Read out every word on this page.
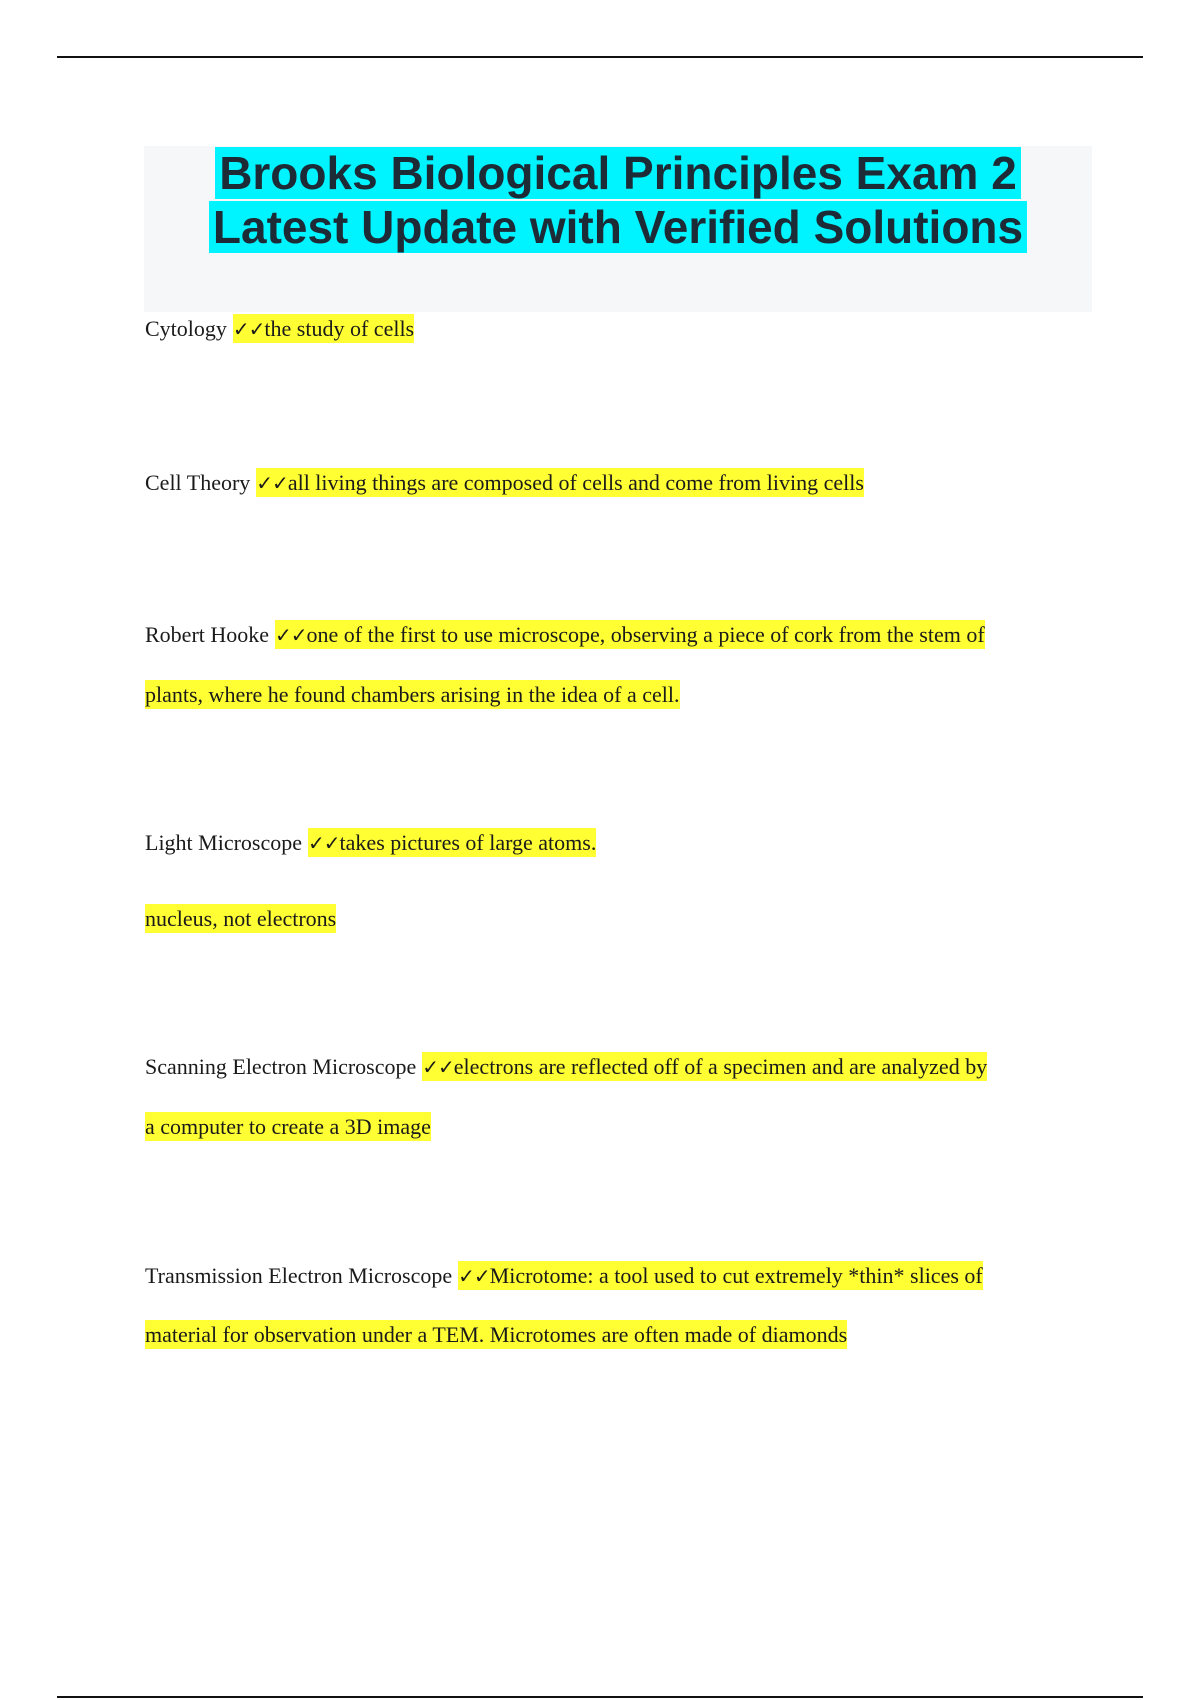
Brooks Biological Principles Exam 2
Latest Update with Verified Solutions
Cytology ✓✓the study of cells
Cell Theory ✓✓all living things are composed of cells and come from living cells
Robert Hooke ✓✓one of the first to use microscope, observing a piece of cork from the stem of
plants, where he found chambers arising in the idea of a cell.
Light Microscope ✓✓takes pictures of large atoms.
nucleus, not electrons
Scanning Electron Microscope ✓✓electrons are reflected off of a specimen and are analyzed by
a computer to create a 3D image
Transmission Electron Microscope ✓✓Microtome: a tool used to cut extremely *thin* slices of
material for observation under a TEM. Microtomes are often made of diamonds
